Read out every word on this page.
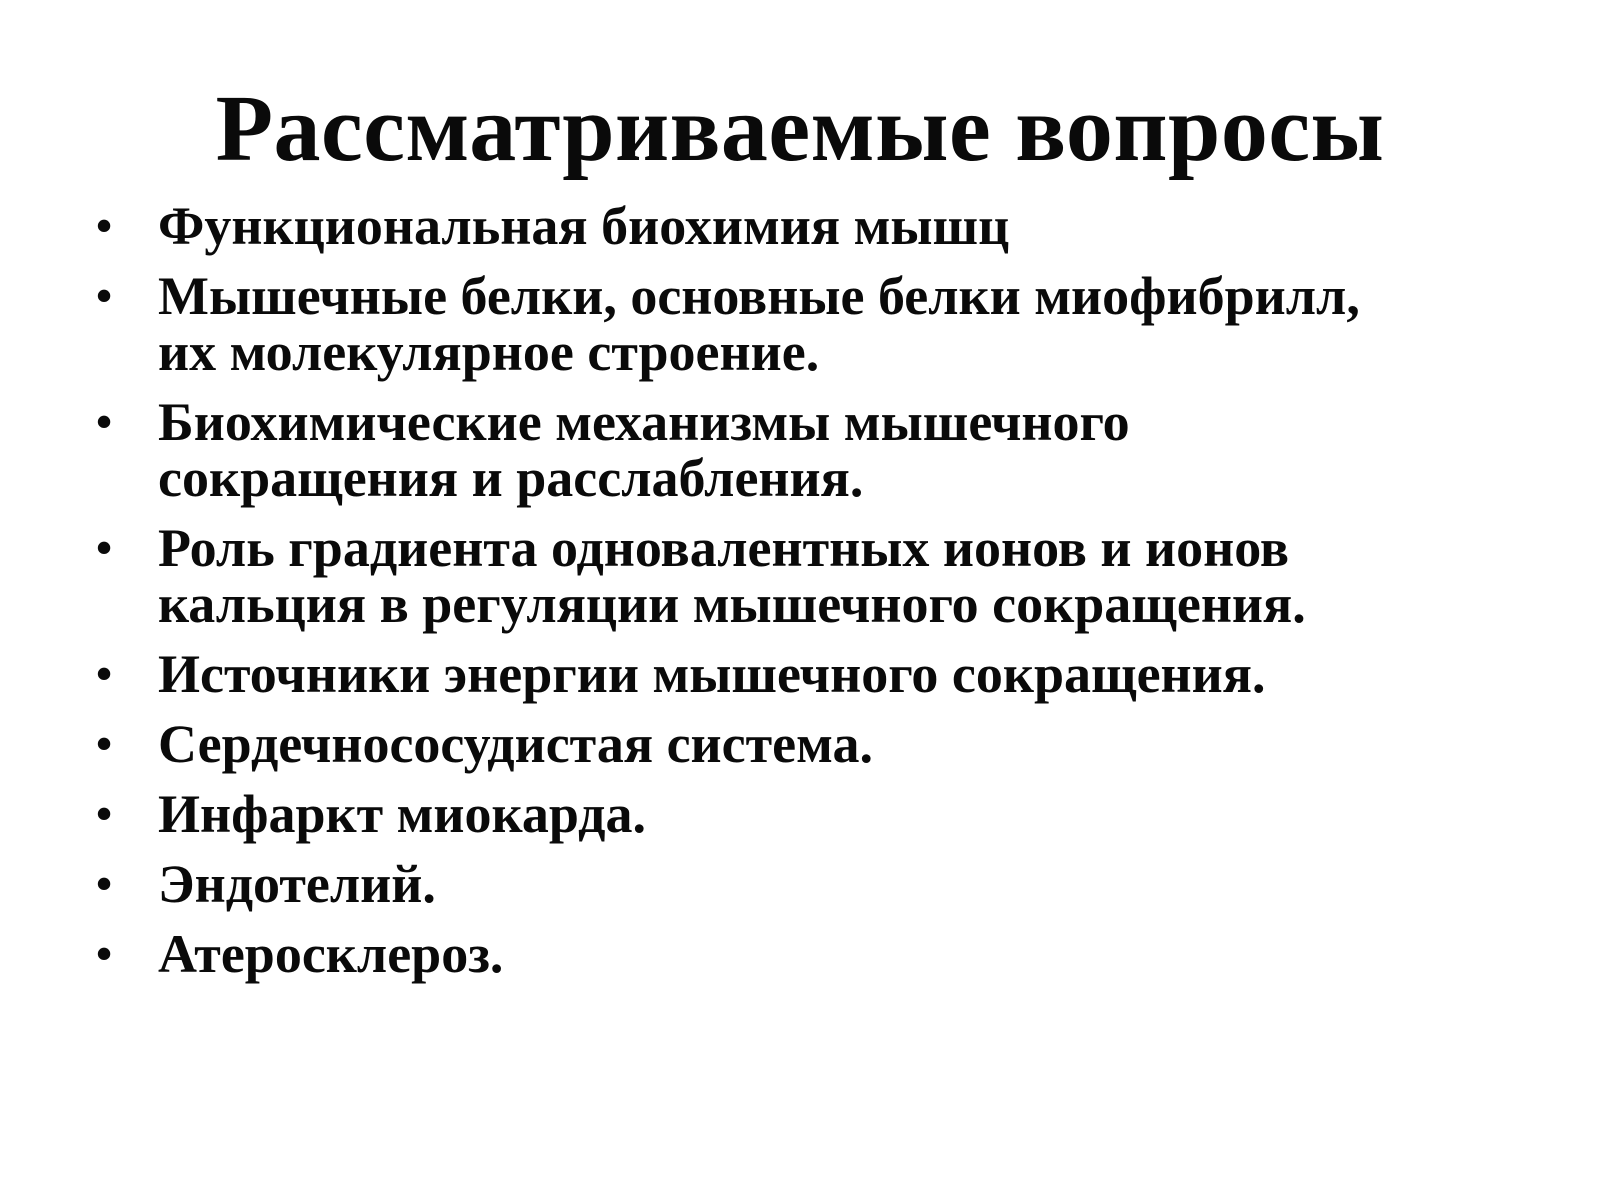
Рассматриваемые вопросы
• Функциональная биохимия мышц
• Мышечные белки, основные белки миофибрилл,
их молекулярное строение.
• Биохимические механизмы мышечного
сокращения и расслабления.
• Роль градиента одновалентных ионов и ионов
кальция в регуляции мышечного сокращения.
• Источники энергии мышечного сокращения.
• Сердечнососудистая система.
• Инфаркт миокарда.
• Эндотелий.
• Атеросклероз.
